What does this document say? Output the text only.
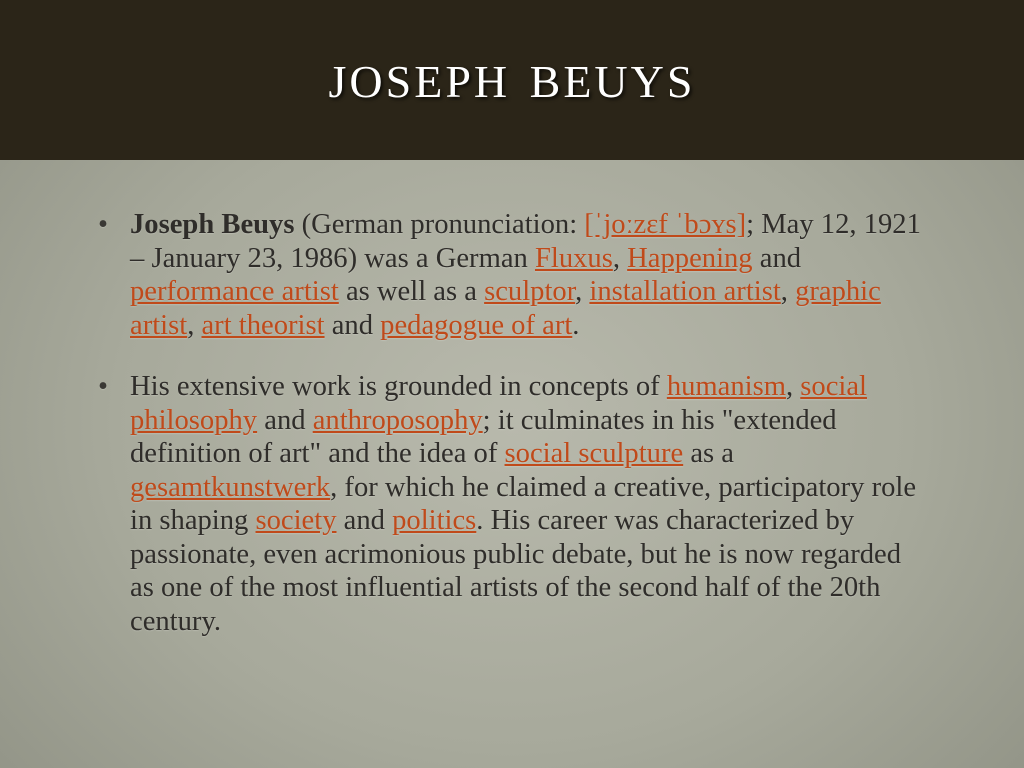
joseph beuys
• Joseph Beuys (German pronunciation: [ˈjoːzɛf ˈbɔʏs]; May 12, 1921 – January 23, 1986) was a German Fluxus, Happening and performance artist as well as a sculptor, installation artist, graphic artist, art theorist and pedagogue of art.
• His extensive work is grounded in concepts of humanism, social philosophy and anthroposophy; it culminates in his "extended definition of art" and the idea of social sculpture as a gesamtkunstwerk, for which he claimed a creative, participatory role in shaping society and politics. His career was characterized by passionate, even acrimonious public debate, but he is now regarded as one of the most influential artists of the second half of the 20th century.
